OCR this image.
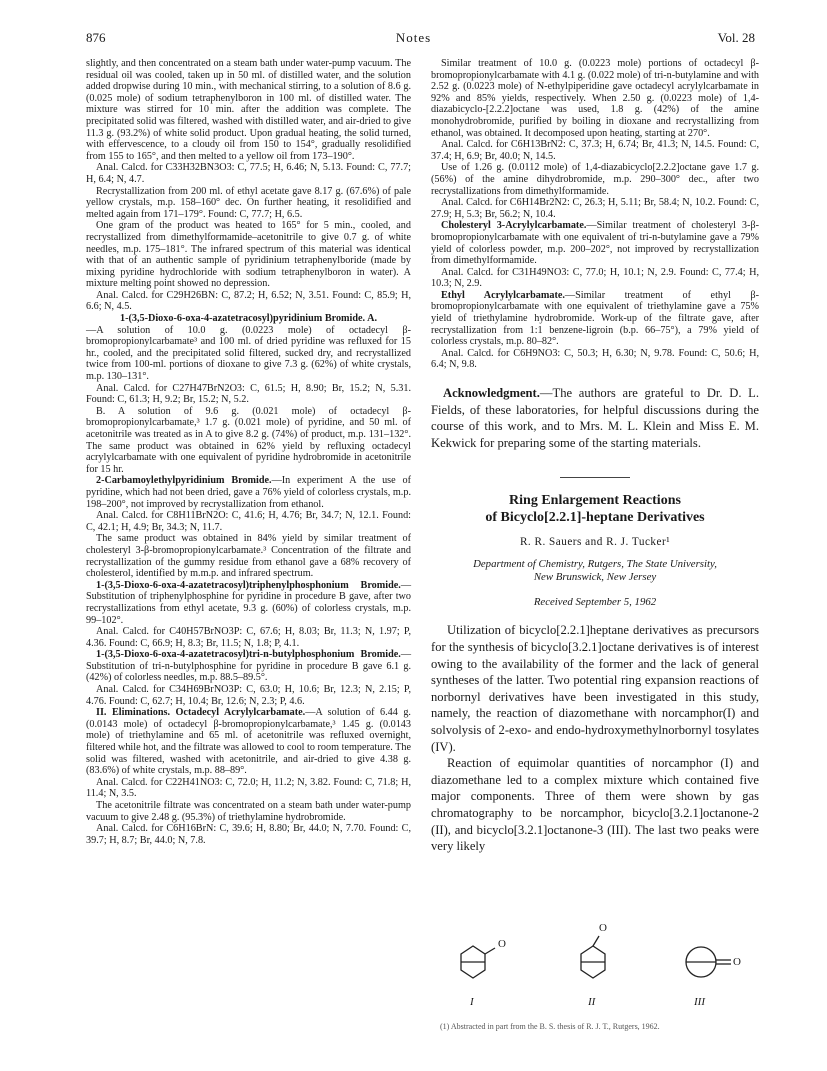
876	Notes	Vol. 28

slightly, and then concentrated on a steam bath under water-pump vacuum. The residual oil was cooled, taken up in 50 ml. of distilled water, and the solution added dropwise during 10 min., with mechanical stirring, to a solution of 8.6 g. (0.025 mole) of sodium tetraphenylboron in 100 ml. of distilled water. The mixture was stirred for 10 min. after the addition was complete. The precipitated solid was filtered, washed with distilled water, and air-dried to give 11.3 g. (93.2%) of white solid product. Upon gradual heating, the solid turned, with effervescence, to a cloudy oil from 150 to 154°, gradually resolidified from 155 to 165°, and then melted to a yellow oil from 173–190°.

Anal. Calcd. for C33H32BN3O3: C, 77.5; H, 6.46; N, 5.13. Found: C, 77.7; H, 6.4; N, 4.7.

Recrystallization from 200 ml. of ethyl acetate gave 8.17 g. (67.6%) of pale yellow crystals, m.p. 158–160° dec. On further heating, it resolidified and melted again from 171–179°. Found: C, 77.7; H, 6.5.

One gram of the product was heated to 165° for 5 min., cooled, and recrystallized from dimethylformamide–acetonitrile to give 0.7 g. of white needles, m.p. 175–181°. The infrared spectrum of this material was identical with that of an authentic sample of pyridinium tetraphenylboride (made by mixing pyridine hydrochloride with sodium tetraphenylboron in water). A mixture melting point showed no depression.

Anal. Calcd. for C29H26BN: C, 87.2; H, 6.52; N, 3.51. Found: C, 85.9; H, 6.6; N, 4.5.

1-(3,5-Dioxo-6-oxa-4-azatetracosyl)pyridinium Bromide. A.

—A solution of 10.0 g. (0.0223 mole) of octadecyl β-bromopropionylcarbamate³ and 100 ml. of dried pyridine was refluxed for 15 hr., cooled, and the precipitated solid filtered, sucked dry, and recrystallized twice from 100-ml. portions of dioxane to give 7.3 g. (62%) of white crystals, m.p. 130–131°.

Anal. Calcd. for C27H47BrN2O3: C, 61.5; H, 8.90; Br, 15.2; N, 5.31. Found: C, 61.3; H, 9.2; Br, 15.2; N, 5.2.

B. A solution of 9.6 g. (0.021 mole) of octadecyl β-bromopropionylcarbamate,³ 1.7 g. (0.021 mole) of pyridine, and 50 ml. of acetonitrile was treated as in A to give 8.2 g. (74%) of product, m.p. 131–132°. The same product was obtained in 62% yield by refluxing octadecyl acrylylcarbamate with one equivalent of pyridine hydrobromide in acetonitrile for 15 hr.

2-Carbamoylethylpyridinium Bromide.—In experiment A the use of pyridine, which had not been dried, gave a 76% yield of colorless crystals, m.p. 198–200°, not improved by recrystallization from ethanol.

Anal. Calcd. for C8H11BrN2O: C, 41.6; H, 4.76; Br, 34.7; N, 12.1. Found: C, 42.1; H, 4.9; Br, 34.3; N, 11.7.

The same product was obtained in 84% yield by similar treatment of cholesteryl 3-β-bromopropionylcarbamate.³ Concentration of the filtrate and recrystallization of the gummy residue from ethanol gave a 68% recovery of cholesterol, identified by m.m.p. and infrared spectrum.

1-(3,5-Dioxo-6-oxa-4-azatetracosyl)triphenylphosphonium Bromide.—Substitution of triphenylphosphine for pyridine in procedure B gave, after two recrystallizations from ethyl acetate, 9.3 g. (60%) of colorless crystals, m.p. 99–102°.

Anal. Calcd. for C40H57BrNO3P: C, 67.6; H, 8.03; Br, 11.3; N, 1.97; P, 4.36. Found: C, 66.9; H, 8.3; Br, 11.5; N, 1.8; P, 4.1.

1-(3,5-Dioxo-6-oxa-4-azatetracosyl)tri-n-butylphosphonium Bromide.—Substitution of tri-n-butylphosphine for pyridine in procedure B gave 6.1 g. (42%) of colorless needles, m.p. 88.5–89.5°.

Anal. Calcd. for C34H69BrNO3P: C, 63.0; H, 10.6; Br, 12.3; N, 2.15; P, 4.76. Found: C, 62.7; H, 10.4; Br, 12.6; N, 2.3; P, 4.6.

II. Eliminations. Octadecyl Acrylylcarbamate.—A solution of 6.44 g. (0.0143 mole) of octadecyl β-bromopropionylcarbamate,³ 1.45 g. (0.0143 mole) of triethylamine and 65 ml. of acetonitrile was refluxed overnight, filtered while hot, and the filtrate was allowed to cool to room temperature. The solid was filtered, washed with acetonitrile, and air-dried to give 4.38 g. (83.6%) of white crystals, m.p. 88–89°.

Anal. Calcd. for C22H41NO3: C, 72.0; H, 11.2; N, 3.82. Found: C, 71.8; H, 11.4; N, 3.5.

The acetonitrile filtrate was concentrated on a steam bath under water-pump vacuum to give 2.48 g. (95.3%) of triethylamine hydrobromide.

Anal. Calcd. for C6H16BrN: C, 39.6; H, 8.80; Br, 44.0; N, 7.70. Found: C, 39.7; H, 8.7; Br, 44.0; N, 7.8.

Similar treatment of 10.0 g. (0.0223 mole) portions of octadecyl β-bromopropionylcarbamate with 4.1 g. (0.022 mole) of tri-n-butylamine and with 2.52 g. (0.0223 mole) of N-ethylpiperidine gave octadecyl acrylylcarbamate in 92% and 85% yields, respectively. When 2.50 g. (0.0223 mole) of 1,4-diazabicyclo-[2.2.2]octane was used, 1.8 g. (42%) of the amine monohydrobromide, purified by boiling in dioxane and recrystallizing from ethanol, was obtained. It decomposed upon heating, starting at 270°.

Anal. Calcd. for C6H13BrN2: C, 37.3; H, 6.74; Br, 41.3; N, 14.5. Found: C, 37.4; H, 6.9; Br, 40.0; N, 14.5.

Use of 1.26 g. (0.0112 mole) of 1,4-diazabicyclo[2.2.2]octane gave 1.7 g. (56%) of the amine dihydrobromide, m.p. 290–300° dec., after two recrystallizations from dimethylformamide.

Anal. Calcd. for C6H14Br2N2: C, 26.3; H, 5.11; Br, 58.4; N, 10.2. Found: C, 27.9; H, 5.3; Br, 56.2; N, 10.4.

Cholesteryl 3-Acrylylcarbamate.—Similar treatment of cholesteryl 3-β-bromopropionylcarbamate with one equivalent of tri-n-butylamine gave a 79% yield of colorless powder, m.p. 200–202°, not improved by recrystallization from dimethylformamide.

Anal. Calcd. for C31H49NO3: C, 77.0; H, 10.1; N, 2.9. Found: C, 77.4; H, 10.3; N, 2.9.

Ethyl Acrylylcarbamate.—Similar treatment of ethyl β-bromopropionylcarbamate with one equivalent of triethylamine gave a 75% yield of triethylamine hydrobromide. Work-up of the filtrate gave, after recrystallization from 1:1 benzene-ligroin (b.p. 66–75°), a 79% yield of colorless crystals, m.p. 80–82°.

Anal. Calcd. for C6H9NO3: C, 50.3; H, 6.30; N, 9.78. Found: C, 50.6; H, 6.4; N, 9.8.

Acknowledgment.—The authors are grateful to Dr. D. L. Fields, of these laboratories, for helpful discussions during the course of this work, and to Mrs. M. L. Klein and Miss E. M. Kekwick for preparing some of the starting materials.

Ring Enlargement Reactions

of Bicyclo[2.2.1]-heptane Derivatives

R. R. Sauers and R. J. Tucker¹

Department of Chemistry, Rutgers, The State University,
New Brunswick, New Jersey

Received September 5, 1962

Utilization of bicyclo[2.2.1]heptane derivatives as precursors for the synthesis of bicyclo[3.2.1]octane derivatives is of interest owing to the availability of the former and the lack of general syntheses of the latter. Two potential ring expansion reactions of norbornyl derivatives have been investigated in this study, namely, the reaction of diazomethane with norcamphor(I) and solvolysis of 2-exo- and endo-hydroxymethylnorbornyl tosylates (IV).

Reaction of equimolar quantities of norcamphor (I) and diazomethane led to a complex mixture which contained five major components. Three of them were shown by gas chromatography to be norcamphor, bicyclo[3.2.1]octanone-2 (II), and bicyclo[3.2.1]octanone-3 (III). The last two peaks were very likely

O
O
O
I	II	III
(1) Abstracted in part from the B. S. thesis of R. J. T., Rutgers, 1962.
